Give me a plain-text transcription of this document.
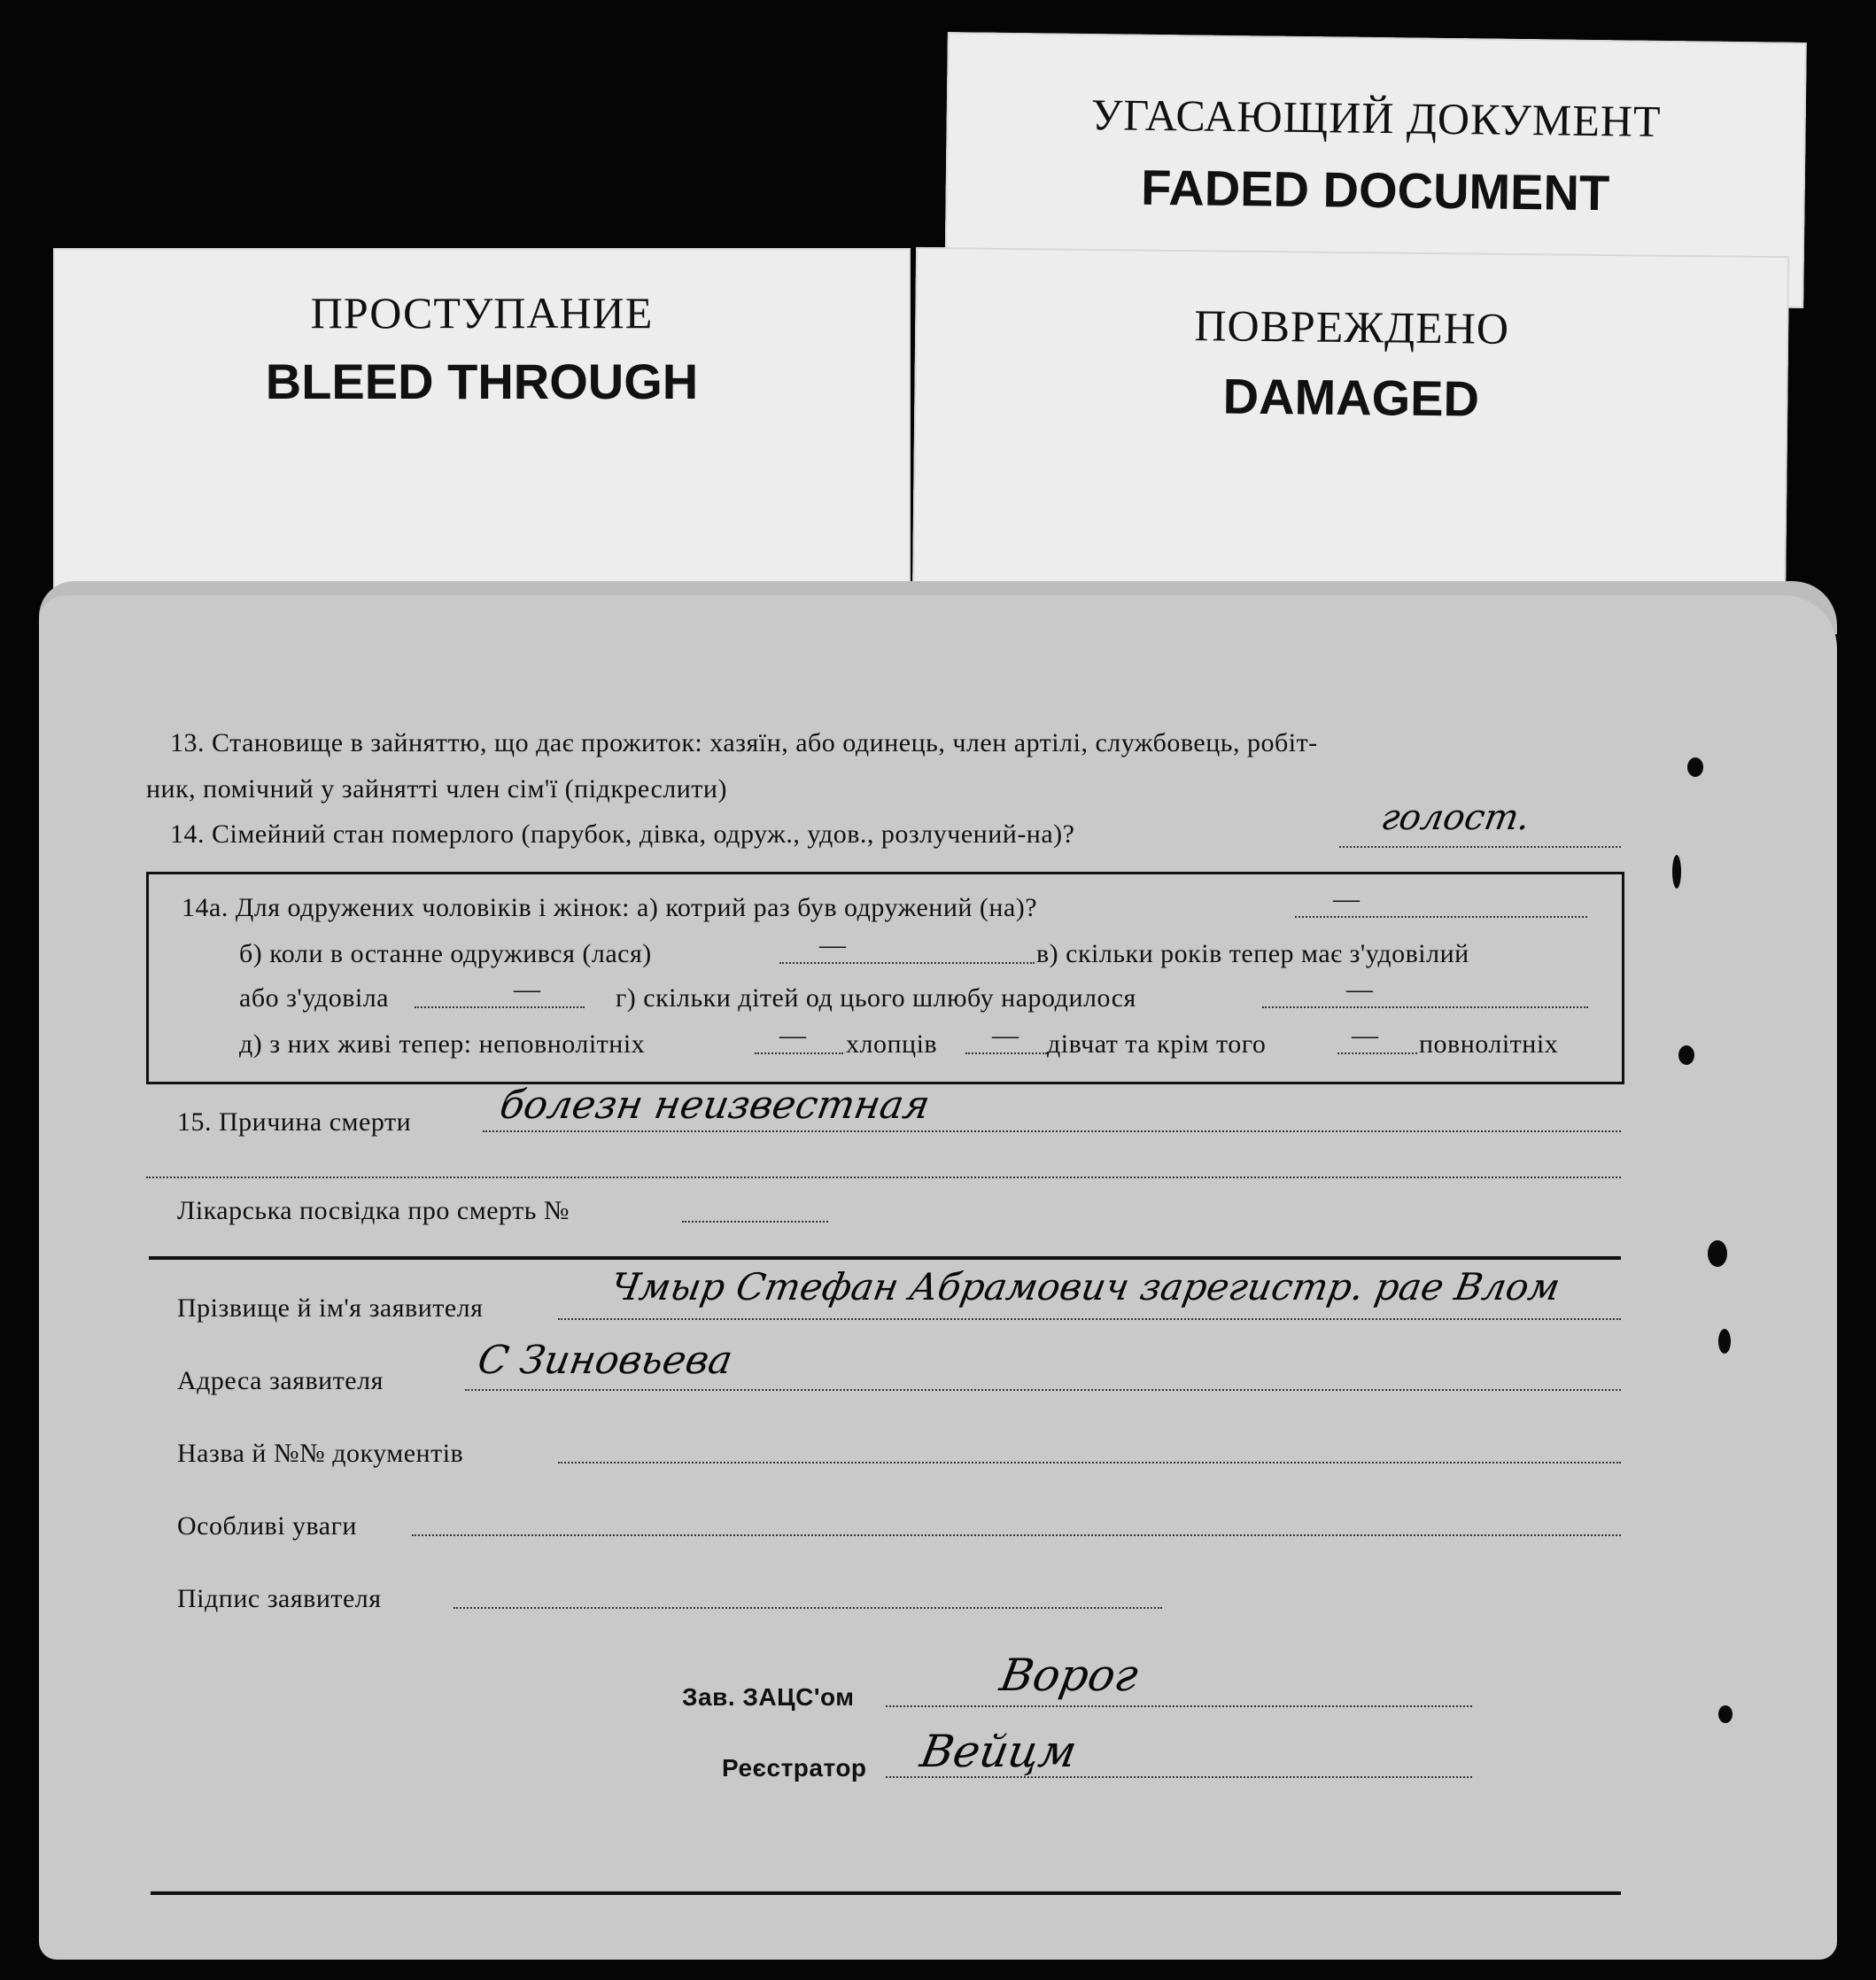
УГАСАЮЩИЙ ДОКУМЕНТ
FADED DOCUMENT
ПРОСТУПАНИЕ
BLEED THROUGH
ПОВРЕЖДЕНО
DAMAGED
13. Становище в зайняттю, що дає прожиток: хазяїн, або одинець, член артілі, службовець, робіт-
ник, помічний у зайнятті член сім'ї (підкреслити)
14. Сімейний стан померлого (парубок, дівка, одруж., удов., розлучений-на)?	голост.
14а. Для одружених чоловіків і жінок: а) котрий раз був одружений (на)?	—
б) коли в останне одружився (лася)	—	в) скільки років тепер має з'удовілий
або з'удовіла	—	г) скільки дітей од цього шлюбу народилося	—
д) з них живі тепер: неповнолітніх	— хлопців — дівчат та крім того	— повнолітніх
15. Причина смерти болезн неизвестная
Лікарська посвідка про смерть №
Прізвище й ім'я заявителя	Чмыр Стефан Абрамович зарегистр. рае Влом
Адреса заявителя С Зиновьева
Назва й №№ документів
Особливі уваги
Підпис заявителя
Зав. ЗАЦС'ом	Ворог
Реєстратор Вейцм
